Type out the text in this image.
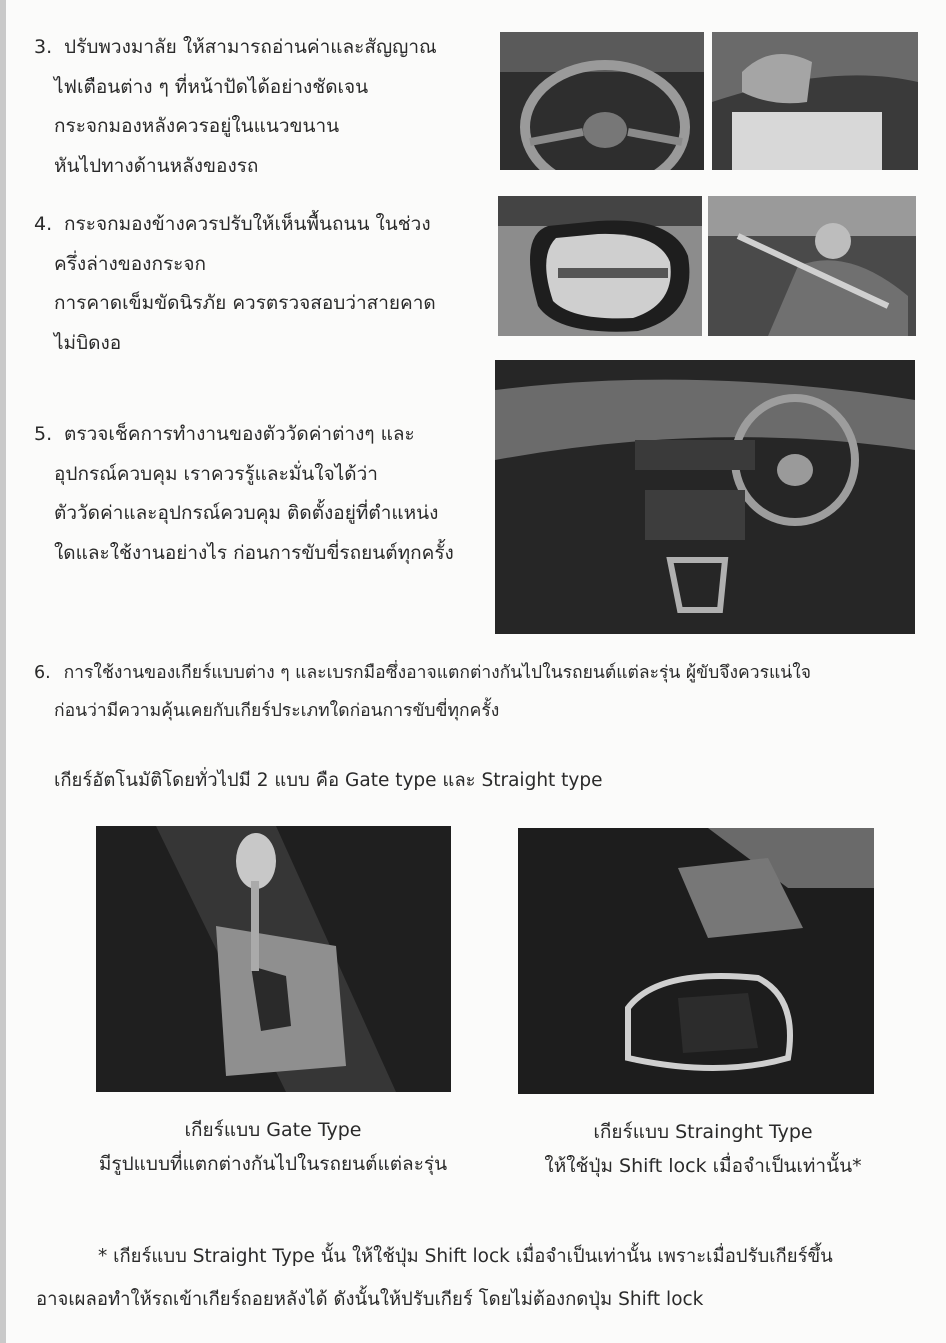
3. ปรับพวงมาลัย ให้สามารถอ่านค่าและสัญญาณ
ไฟเตือนต่าง ๆ ที่หน้าปัดได้อย่างชัดเจน
กระจกมองหลังควรอยู่ในแนวขนาน
หันไปทางด้านหลังของรถ
4. กระจกมองข้างควรปรับให้เห็นพื้นถนน ในช่วง
ครึ่งล่างของกระจก
การคาดเข็มขัดนิรภัย ควรตรวจสอบว่าสายคาด
ไม่บิดงอ
5. ตรวจเช็คการทำงานของตัววัดค่าต่างๆ และ
อุปกรณ์ควบคุม เราควรรู้และมั่นใจได้ว่า
ตัววัดค่าและอุปกรณ์ควบคุม ติดตั้งอยู่ที่ตำแหน่ง
ใดและใช้งานอย่างไร ก่อนการขับขี่รถยนต์ทุกครั้ง
6. การใช้งานของเกียร์แบบต่าง ๆ และเบรกมือซึ่งอาจแตกต่างกันไปในรถยนต์แต่ละรุ่น ผู้ขับจึงควรแน่ใจ
ก่อนว่ามีความคุ้นเคยกับเกียร์ประเภทใดก่อนการขับขี่ทุกครั้ง
เกียร์อัตโนมัติโดยทั่วไปมี 2 แบบ คือ Gate type และ Straight type
เกียร์แบบ Gate Type
มีรูปแบบที่แตกต่างกันไปในรถยนต์แต่ละรุ่น
เกียร์แบบ Strainght Type
ให้ใช้ปุ่ม Shift lock เมื่อจำเป็นเท่านั้น*
* เกียร์แบบ Straight Type นั้น ให้ใช้ปุ่ม Shift lock เมื่อจำเป็นเท่านั้น เพราะเมื่อปรับเกียร์ขึ้น
อาจเผลอทำให้รถเข้าเกียร์ถอยหลังได้ ดังนั้นให้ปรับเกียร์ โดยไม่ต้องกดปุ่ม Shift lock
